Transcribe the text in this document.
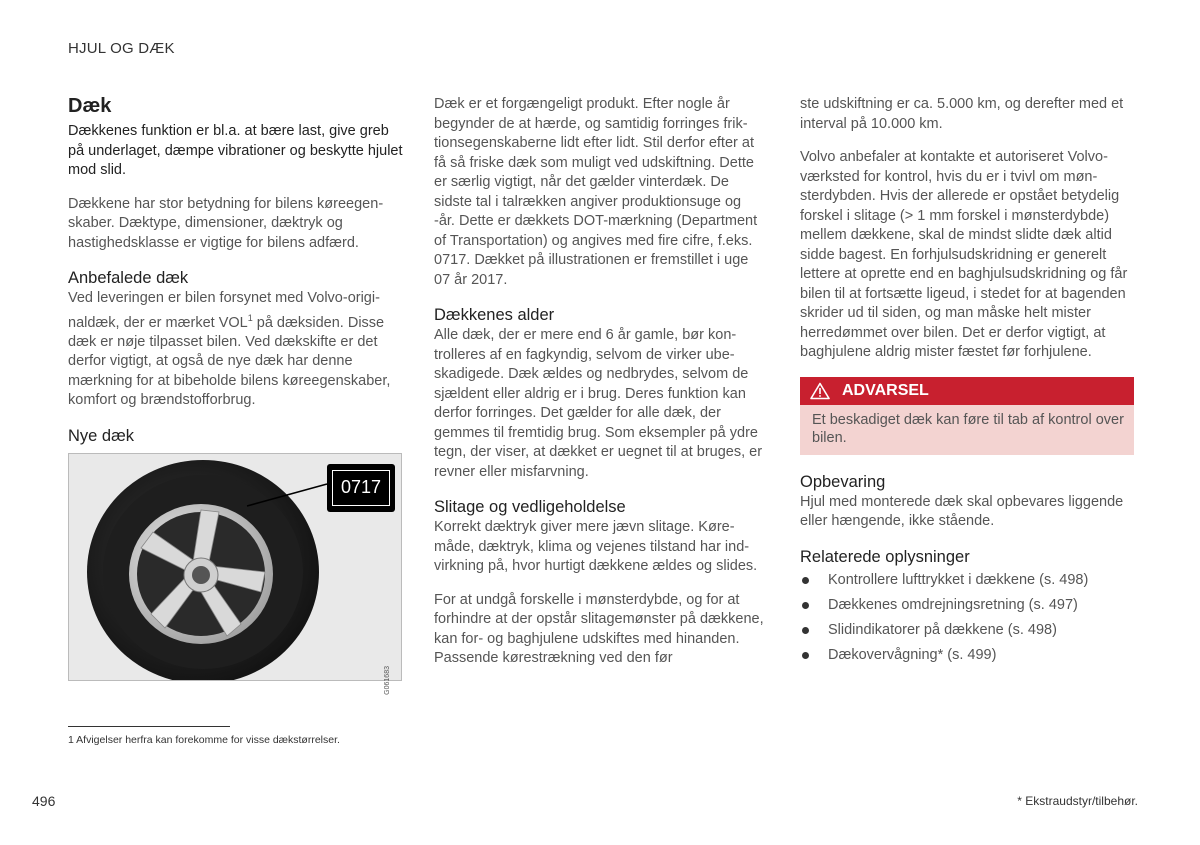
HJUL OG DÆK
Dæk
Dækkenes funktion er bl.a. at bære last, give greb på underlaget, dæmpe vibrationer og beskytte hjulet mod slid.

Dækkene har stor betydning for bilens køreegenskaber. Dæktype, dimensioner, dæktryk og hastighedsklasse er vigtige for bilens adfærd.

Anbefalede dæk

Ved leveringen er bilen forsynet med Volvo-originaldæk, der er mærket VOL$^1$ på dæksiden. Disse dæk er nøje tilpasset bilen. Ved dækskifte er det derfor vigtigt, at også de nye dæk har denne mærkning for at bibeholde bilens køreegenskaber, komfort og brændstofforbrug.

Nye dæk
0717
G061683

Dæk er et forgængeligt produkt. Efter nogle år begynder de at hærde, og samtidig forringes friktionsegenskaberne lidt efter lidt. Stil derfor efter at få så friske dæk som muligt ved udskiftning. Dette er særlig vigtigt, når det gælder vinterdæk. De sidste tal i talrækken angiver produktionsuge og -år. Dette er dækkets DOT-mærkning (Department of Transportation) og angives med fire cifre, f.eks. 0717. Dækket på illustrationen er fremstillet i uge 07 år 2017.

Dækkenes alder

Alle dæk, der er mere end 6 år gamle, bør kontrolleres af en fagkyndig, selvom de virker ubeskadigede. Dæk ældes og nedbrydes, selvom de sjældent eller aldrig er i brug. Deres funktion kan derfor forringes. Det gælder for alle dæk, der gemmes til fremtidig brug. Som eksempler på ydre tegn, der viser, at dækket er uegnet til at bruges, er revner eller misfarvning.

Slitage og vedligeholdelse

Korrekt dæktryk giver mere jævn slitage. Køremåde, dæktryk, klima og vejenes tilstand har indvirkning på, hvor hurtigt dækkene ældes og slides.

For at undgå forskelle i mønsterdybde, og for at forhindre at der opstår slitagemønster på dækkene, kan for- og baghjulene udskiftes med hinanden. Passende kørestrækning ved den før

ste udskiftning er ca. 5.000 km, og derefter med et interval på 10.000 km.

Volvo anbefaler at kontakte et autoriseret Volvoværksted for kontrol, hvis du er i tvivl om mønsterdybden. Hvis der allerede er opstået betydelig forskel i slitage (> 1 mm forskel i mønsterdybde) mellem dækkene, skal de mindst slidte dæk altid sidde bagest. En forhjulsudskridning er generelt lettere at oprette end en baghjulsudskridning og får bilen til at fortsætte ligeud, i stedet for at bagenden skrider ud til siden, og man måske helt mister herredømmet over bilen. Det er derfor vigtigt, at baghjulene aldrig mister fæstet før forhjulene.

ADVARSEL
Et beskadiget dæk kan føre til tab af kontrol over bilen.
Opbevaring

Hjul med monterede dæk skal opbevares liggende eller hængende, ikke stående.

Relaterede oplysninger
Kontrollere lufttrykket i dækkene (s. 498)
Dækkenes omdrejningsretning (s. 497)
Slidindikatorer på dækkene (s. 498)
Dækovervågning* (s. 499)
1 Afvigelser herfra kan forekomme for visse dækstørrelser.
496	* Ekstraudstyr/tilbehør.
